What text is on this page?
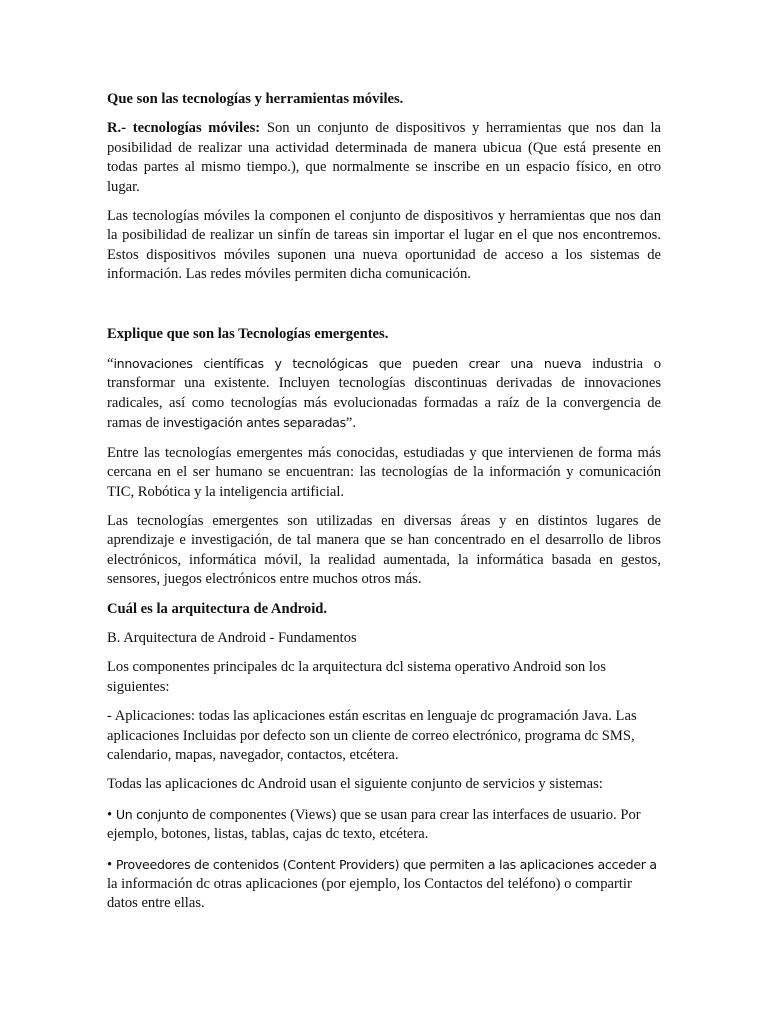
Que son las tecnologías y herramientas móviles.

R.- tecnologías móviles: Son un conjunto de dispositivos y herramientas que nos dan la posibilidad de realizar una actividad determinada de manera ubicua (Que está presente en todas partes al mismo tiempo.), que normalmente se inscribe en un espacio físico, en otro lugar.

Las tecnologías móviles la componen el conjunto de dispositivos y herramientas que nos dan la posibilidad de realizar un sinfín de tareas sin importar el lugar en el que nos encontremos. Estos dispositivos móviles suponen una nueva oportunidad de acceso a los sistemas de información. Las redes móviles permiten dicha comunicación.

Explique que son las Tecnologías emergentes.

“innovaciones científicas y tecnológicas que pueden crear una nueva industria o transformar una existente. Incluyen tecnologías discontinuas derivadas de innovaciones radicales, así como tecnologías más evolucionadas formadas a raíz de la convergencia de ramas de investigación antes separadas”.

Entre las tecnologías emergentes más conocidas, estudiadas y que intervienen de forma más cercana en el ser humano se encuentran: las tecnologías de la información y comunicación TIC, Robótica y la inteligencia artificial.

Las tecnologías emergentes son utilizadas en diversas áreas y en distintos lugares de aprendizaje e investigación, de tal manera que se han concentrado en el desarrollo de libros electrónicos, informática móvil, la realidad aumentada, la informática basada en gestos, sensores, juegos electrónicos entre muchos otros más.

Cuál es la arquitectura de Android.

B. Arquitectura de Android - Fundamentos

Los componentes principales dc la arquitectura dcl sistema operativo Android son los siguientes:

- Aplicaciones: todas las aplicaciones están escritas en lenguaje dc programación Java. Las aplicaciones Incluidas por defecto son un cliente de correo electrónico, programa dc SMS, calendario, mapas, navegador, contactos, etcétera.

Todas las aplicaciones dc Android usan el siguiente conjunto de servicios y sistemas:

• Un conjunto de componentes (Views) que se usan para crear las interfaces de usuario. Por ejemplo, botones, listas, tablas, cajas dc texto, etcétera.

• Proveedores de contenidos (Content Providers) que permiten a las aplicaciones acceder a la información dc otras aplicaciones (por ejemplo, los Contactos del teléfono) o compartir datos entre ellas.
